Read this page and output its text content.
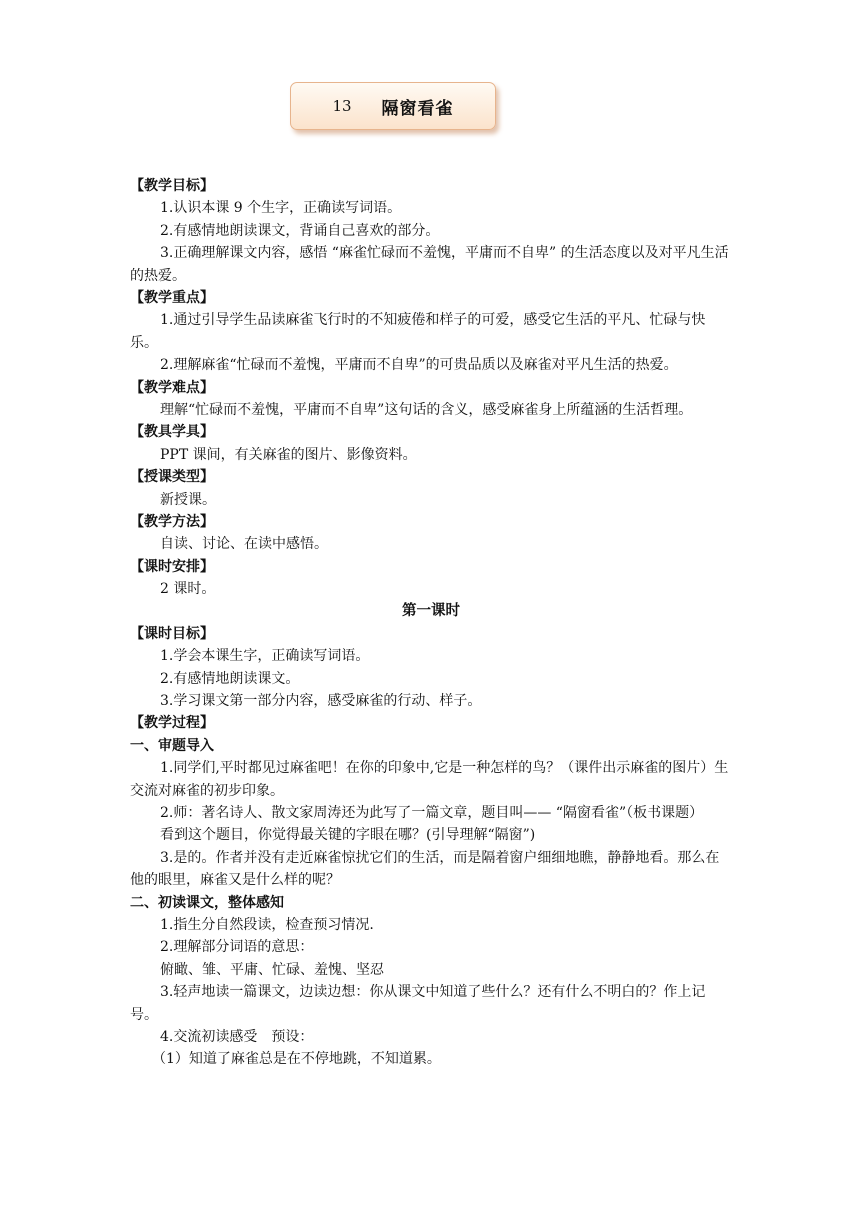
13 隔窗看雀
【教学目标】
1.认识本课 9 个生字，正确读写词语。
2.有感情地朗读课文，背诵自己喜欢的部分。
3.正确理解课文内容，感悟 “麻雀忙碌而不羞愧，平庸而不自卑” 的生活态度以及对平凡生活的热爱。
【教学重点】
1.通过引导学生品读麻雀飞行时的不知疲倦和样子的可爱，感受它生活的平凡、忙碌与快乐。
2.理解麻雀“忙碌而不羞愧，平庸而不自卑”的可贵品质以及麻雀对平凡生活的热爱。
【教学难点】
理解“忙碌而不羞愧，平庸而不自卑”这句话的含义，感受麻雀身上所蕴涵的生活哲理。
【教具学具】
PPT 课间，有关麻雀的图片、影像资料。
【授课类型】
新授课。
【教学方法】
自读、讨论、在读中感悟。
【课时安排】
2 课时。
第一课时
【课时目标】
1.学会本课生字，正确读写词语。
2.有感情地朗读课文。
3.学习课文第一部分内容，感受麻雀的行动、样子。
【教学过程】
一、审题导入
1.同学们,平时都见过麻雀吧！在你的印象中,它是一种怎样的鸟？（课件出示麻雀的图片）生交流对麻雀的初步印象。
2.师：著名诗人、散文家周涛还为此写了一篇文章，题目叫—— “隔窗看雀”（板书课题）
看到这个题目，你觉得最关键的字眼在哪？(引导理解“隔窗”)
3.是的。作者并没有走近麻雀惊扰它们的生活，而是隔着窗户细细地瞧，静静地看。那么在他的眼里，麻雀又是什么样的呢？
二、初读课文，整体感知
1.指生分自然段读，检查预习情况.
2.理解部分词语的意思：
俯瞰、雏、平庸、忙碌、羞愧、坚忍
3.轻声地读一篇课文，边读边想：你从课文中知道了些什么？还有什么不明白的？作上记号。
4.交流初读感受　预设：
（1）知道了麻雀总是在不停地跳，不知道累。
